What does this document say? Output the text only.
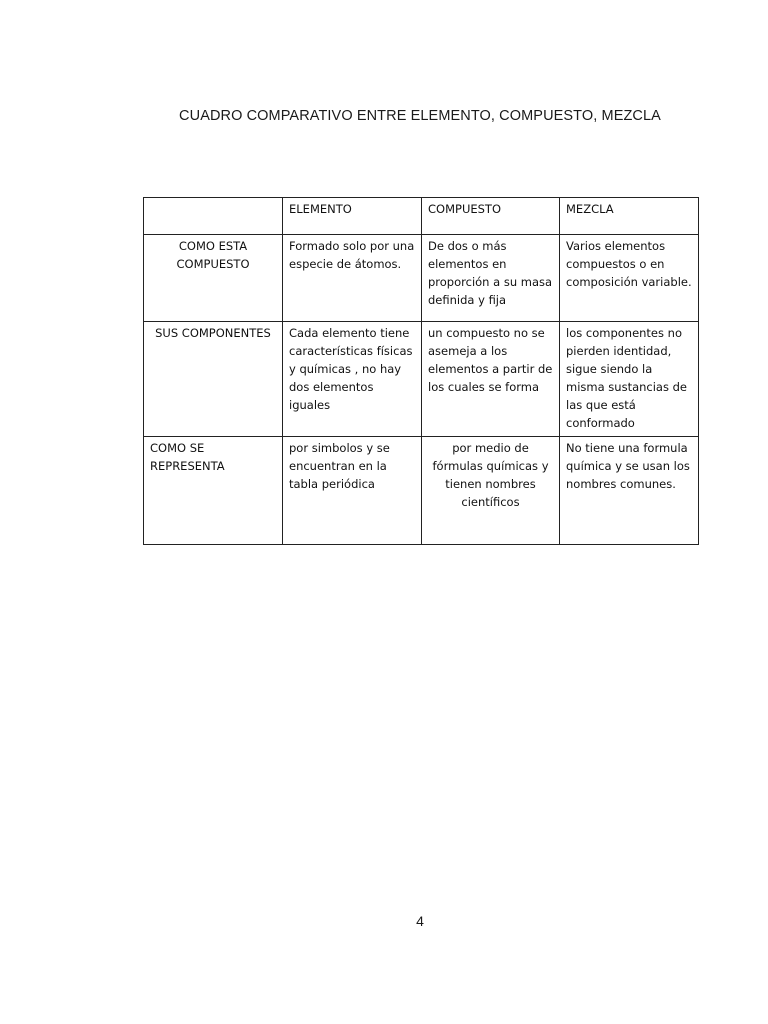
CUADRO COMPARATIVO ENTRE ELEMENTO, COMPUESTO, MEZCLA
	ELEMENTO	COMPUESTO	MEZCLA
COMO ESTA COMPUESTO	Formado solo por una especie de átomos.	De dos o más elementos en proporción a su masa definida y fija	Varios elementos compuestos o en composición variable.
SUS COMPONENTES	Cada elemento tiene características físicas y químicas , no hay dos elementos iguales	un compuesto no se asemeja a los elementos a partir de los cuales se forma	los componentes no pierden identidad, sigue siendo la misma sustancias de las que está conformado
COMO SE REPRESENTA	por simbolos y se encuentran en la tabla periódica	por medio de fórmulas químicas y tienen nombres científicos	No tiene una formula química y se usan los nombres comunes.
4
